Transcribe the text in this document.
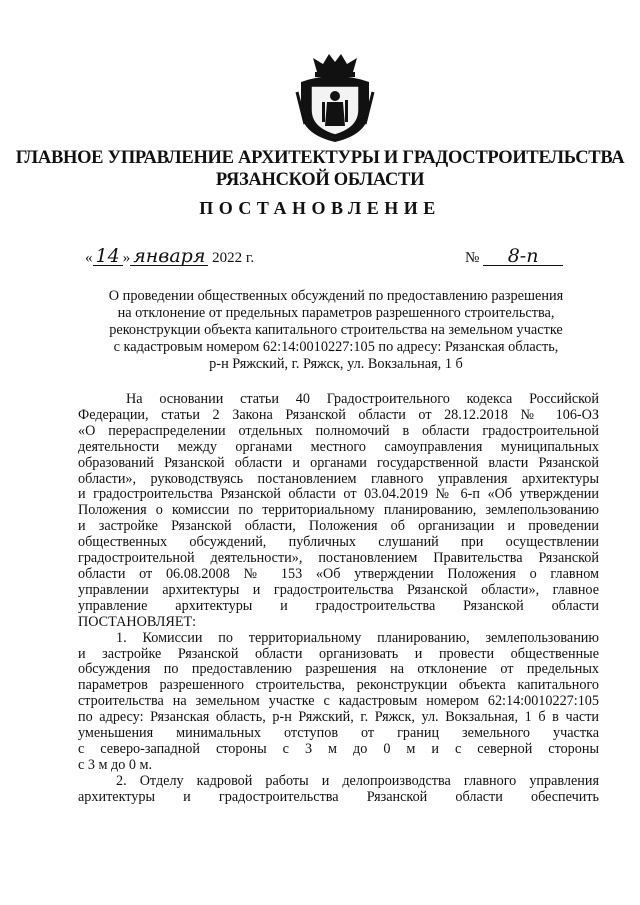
ГЛАВНОЕ УПРАВЛЕНИЕ АРХИТЕКТУРЫ И ГРАДОСТРОИТЕЛЬСТВА
РЯЗАНСКОЙ ОБЛАСТИ
ПОСТАНОВЛЕНИЕ
« 14 » января 2022 г.	№ 8-п
О проведении общественных обсуждений по предоставлению разрешения
на отклонение от предельных параметров разрешенного строительства,
реконструкции объекта капитального строительства на земельном участке
с кадастровым номером 62:14:0010227:105 по адресу: Рязанская область,
р-н Ряжский, г. Ряжск, ул. Вокзальная, 1 б
На основании статьи 40 Градостроительного кодекса Российской
Федерации, статьи 2 Закона Рязанской области от 28.12.2018 № 106-ОЗ
«О перераспределении отдельных полномочий в области градостроительной
деятельности между органами местного самоуправления муниципальных
образований Рязанской области и органами государственной власти Рязанской
области», руководствуясь постановлением главного управления архитектуры
и градостроительства Рязанской области от 03.04.2019 № 6-п «Об утверждении
Положения о комиссии по территориальному планированию, землепользованию
и застройке Рязанской области, Положения об организации и проведении
общественных обсуждений, публичных слушаний при осуществлении
градостроительной деятельности», постановлением Правительства Рязанской
области от 06.08.2008 № 153 «Об утверждении Положения о главном
управлении архитектуры и градостроительства Рязанской области», главное
управление архитектуры и градостроительства Рязанской области
ПОСТАНОВЛЯЕТ:
1. Комиссии по территориальному планированию, землепользованию
и застройке Рязанской области организовать и провести общественные
обсуждения по предоставлению разрешения на отклонение от предельных
параметров разрешенного строительства, реконструкции объекта капитального
строительства на земельном участке с кадастровым номером 62:14:0010227:105
по адресу: Рязанская область, р-н Ряжский, г. Ряжск, ул. Вокзальная, 1 б в части
уменьшения минимальных отступов от границ земельного участка
с северо-западной стороны с 3 м до 0 м и с северной стороны
с 3 м до 0 м.
2. Отделу кадровой работы и делопроизводства главного управления
архитектуры и градостроительства Рязанской области обеспечить
